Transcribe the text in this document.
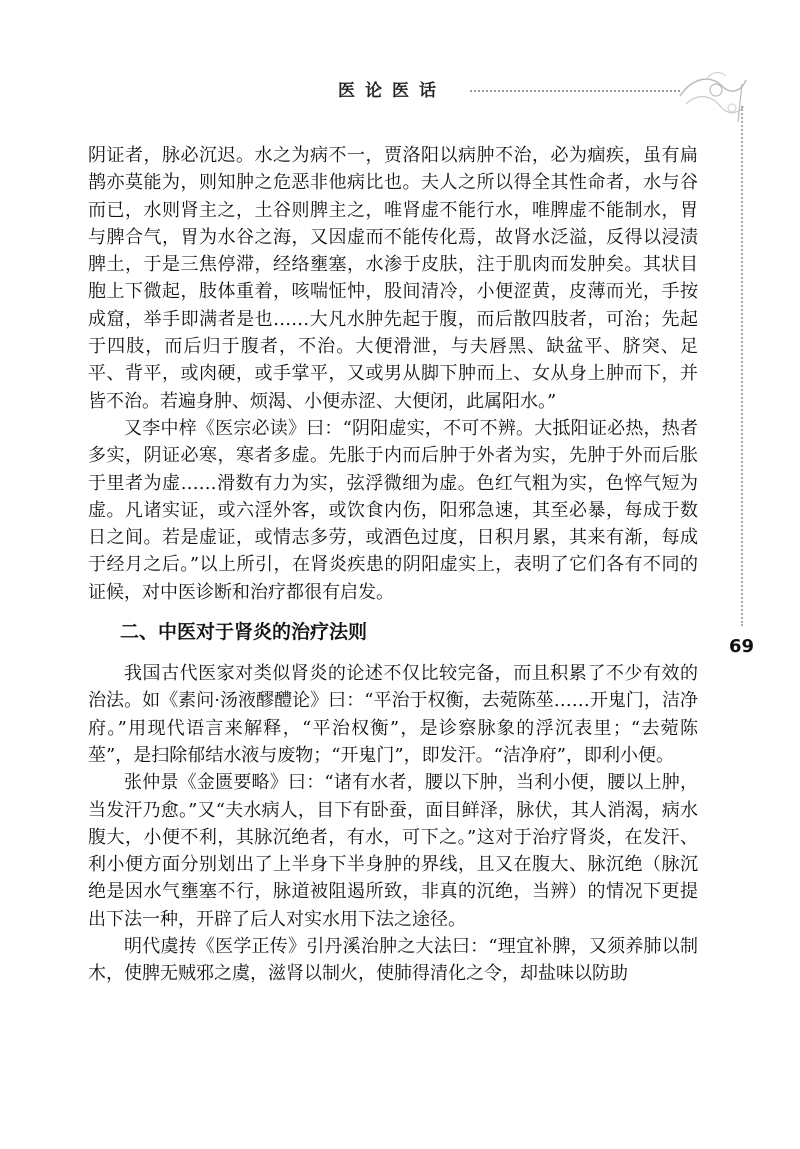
医论医话
69

阴证者，脉必沉迟。水之为病不一，贾洛阳以病肿不治，必为痼疾，虽有扁鹊亦莫能为，则知肿之危恶非他病比也。夫人之所以得全其性命者，水与谷而已，水则肾主之，土谷则脾主之，唯肾虚不能行水，唯脾虚不能制水，胃与脾合气，胃为水谷之海，又因虚而不能传化焉，故肾水泛溢，反得以浸渍脾土，于是三焦停滞，经络壅塞，水渗于皮肤，注于肌肉而发肿矣。其状目胞上下微起，肢体重着，咳喘怔忡，股间清冷，小便涩黄，皮薄而光，手按成窟，举手即满者是也……大凡水肿先起于腹，而后散四肢者，可治；先起于四肢，而后归于腹者，不治。大便滑泄，与夫唇黑、缺盆平、脐突、足平、背平，或肉硬，或手掌平，又或男从脚下肿而上、女从身上肿而下，并皆不治。若遍身肿、烦渴、小便赤涩、大便闭，此属阳水。”

又李中梓《医宗必读》曰：“阴阳虚实，不可不辨。大抵阳证必热，热者多实，阴证必寒，寒者多虚。先胀于内而后肿于外者为实，先肿于外而后胀于里者为虚……滑数有力为实，弦浮微细为虚。色红气粗为实，色悴气短为虚。凡诸实证，或六淫外客，或饮食内伤，阳邪急速，其至必暴，每成于数日之间。若是虚证，或情志多劳，或酒色过度，日积月累，其来有渐，每成于经月之后。”以上所引，在肾炎疾患的阴阳虚实上，表明了它们各有不同的证候，对中医诊断和治疗都很有启发。

二、中医对于肾炎的治疗法则

我国古代医家对类似肾炎的论述不仅比较完备，而且积累了不少有效的治法。如《素问·汤液醪醴论》曰：“平治于权衡，去菀陈莝……开鬼门，洁净府。”用现代语言来解释，“平治权衡”，是诊察脉象的浮沉表里；“去菀陈莝”，是扫除郁结水液与废物；“开鬼门”，即发汗。“洁净府”，即利小便。

张仲景《金匮要略》曰：“诸有水者，腰以下肿，当利小便，腰以上肿，当发汗乃愈。”又“夫水病人，目下有卧蚕，面目鲜泽，脉伏，其人消渴，病水腹大，小便不利，其脉沉绝者，有水，可下之。”这对于治疗肾炎，在发汗、利小便方面分别划出了上半身下半身肿的界线，且又在腹大、脉沉绝（脉沉绝是因水气壅塞不行，脉道被阻遏所致，非真的沉绝，当辨）的情况下更提出下法一种，开辟了后人对实水用下法之途径。

明代虞抟《医学正传》引丹溪治肿之大法曰：“理宜补脾，又须养肺以制木，使脾无贼邪之虞，滋肾以制火，使肺得清化之令，却盐味以防助
